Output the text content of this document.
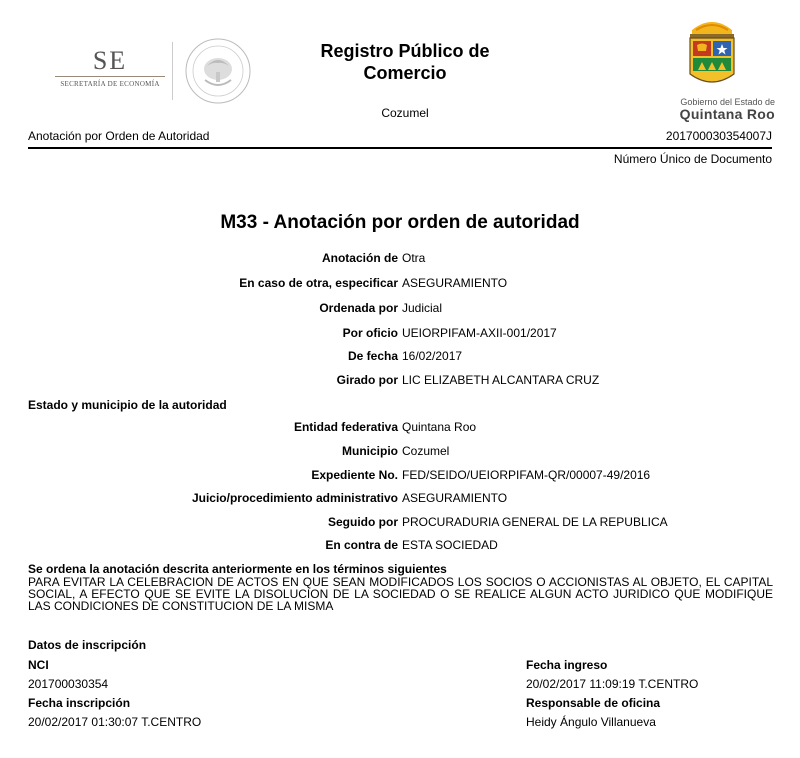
SE
SECRETARÍA DE ECONOMÍA
Registro Público de Comercio
Cozumel
Gobierno del Estado de
Quintana Roo
Anotación por Orden de Autoridad	201700030354007J
Número Único de Documento
M33 - Anotación por orden de autoridad
Anotación de Otra
En caso de otra, especificar ASEGURAMIENTO
Ordenada por Judicial
Por oficio UEIORPIFAM-AXII-001/2017
De fecha 16/02/2017
Girado por LIC ELIZABETH ALCANTARA CRUZ
Estado y municipio de la autoridad
Entidad federativa Quintana Roo
Municipio Cozumel
Expediente No. FED/SEIDO/UEIORPIFAM-QR/00007-49/2016
Juicio/procedimiento administrativo ASEGURAMIENTO
Seguido por PROCURADURIA GENERAL DE LA REPUBLICA
En contra de ESTA SOCIEDAD
Se ordena la anotación descrita anteriormente en los términos siguientes
PARA EVITAR LA CELEBRACION DE ACTOS EN QUE SEAN MODIFICADOS LOS SOCIOS O ACCIONISTAS AL OBJETO, EL CAPITAL SOCIAL, A EFECTO QUE SE EVITE LA DISOLUCION DE LA SOCIEDAD O SE REALICE ALGUN ACTO JURIDICO QUE MODIFIQUE LAS CONDICIONES DE CONSTITUCION DE LA MISMA
Datos de inscripción
NCI
201700030354
Fecha inscripción
20/02/2017 01:30:07 T.CENTRO
Fecha ingreso
20/02/2017 11:09:19 T.CENTRO
Responsable de oficina
Heidy Ángulo Villanueva
